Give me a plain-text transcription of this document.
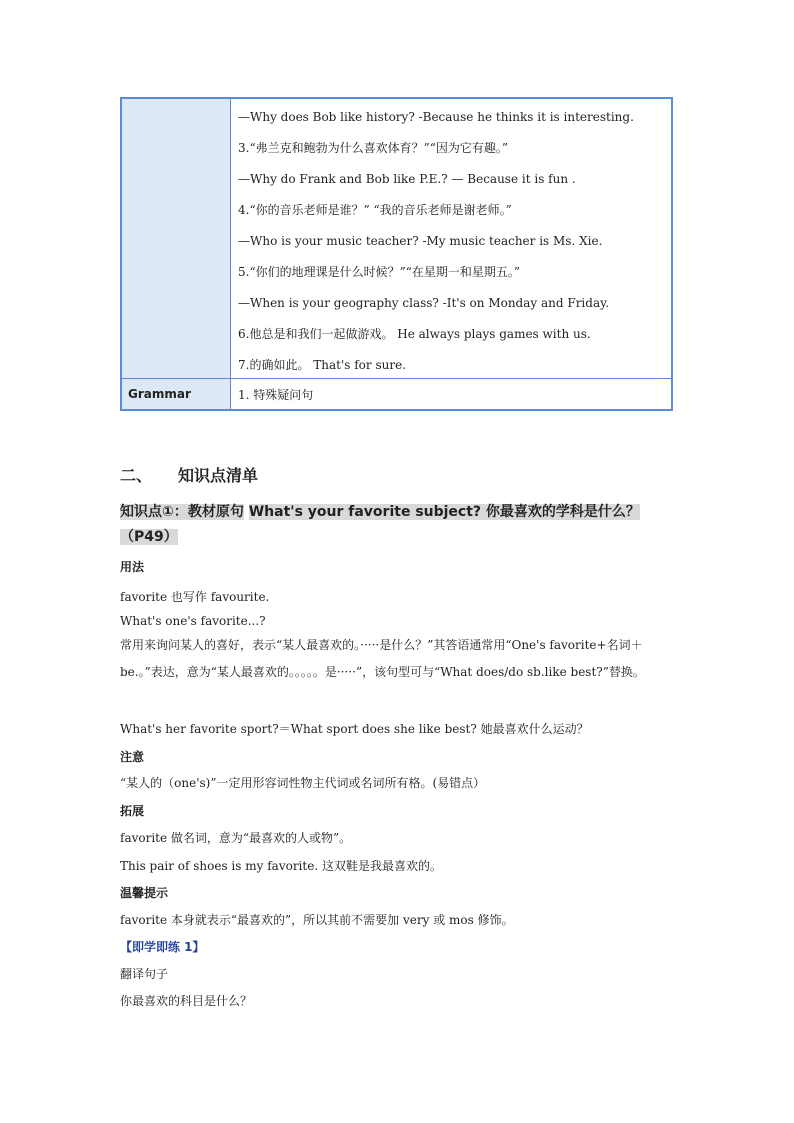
—Why does Bob like history? -Because he thinks it is interesting.
3.“弗兰克和鲍勃为什么喜欢体育？”“因为它有趣。”
—Why do Frank and Bob like P.E.? — Because it is fun .
4.“你的音乐老师是谁？” “我的音乐老师是谢老师。”
—Who is your music teacher? -My music teacher is Ms. Xie.
5.“你们的地理课是什么时候？”“在星期一和星期五。”
—When is your geography class? -It's on Monday and Friday.
6.他总是和我们一起做游戏。 He always plays games with us.
7.的确如此。 That's for sure.
Grammar	1. 特殊疑问句
二、 知识点清单
知识点①：教材原句 What's your favorite subject? 你最喜欢的学科是什么？
（P49）
用法
favorite 也写作 favourite.
What's one's favorite...?
常用来询问某人的喜好，表示“某人最喜欢的。·····是什么？”其答语通常用“One's favorite+名词＋be.。”表达，意为“某人最喜欢的。。。。。是·····”，该句型可与“What does/do sb.like best?”替换。
What's her favorite sport?＝What sport does she like best? 她最喜欢什么运动？
注意
“某人的（one's)”一定用形容词性物主代词或名词所有格。(易错点）
拓展
favorite 做名词，意为“最喜欢的人或物”。
This pair of shoes is my favorite. 这双鞋是我最喜欢的。
温馨提示
favorite 本身就表示“最喜欢的”，所以其前不需要加 very 或 mos 修饰。
【即学即练 1】
翻译句子
你最喜欢的科目是什么？
